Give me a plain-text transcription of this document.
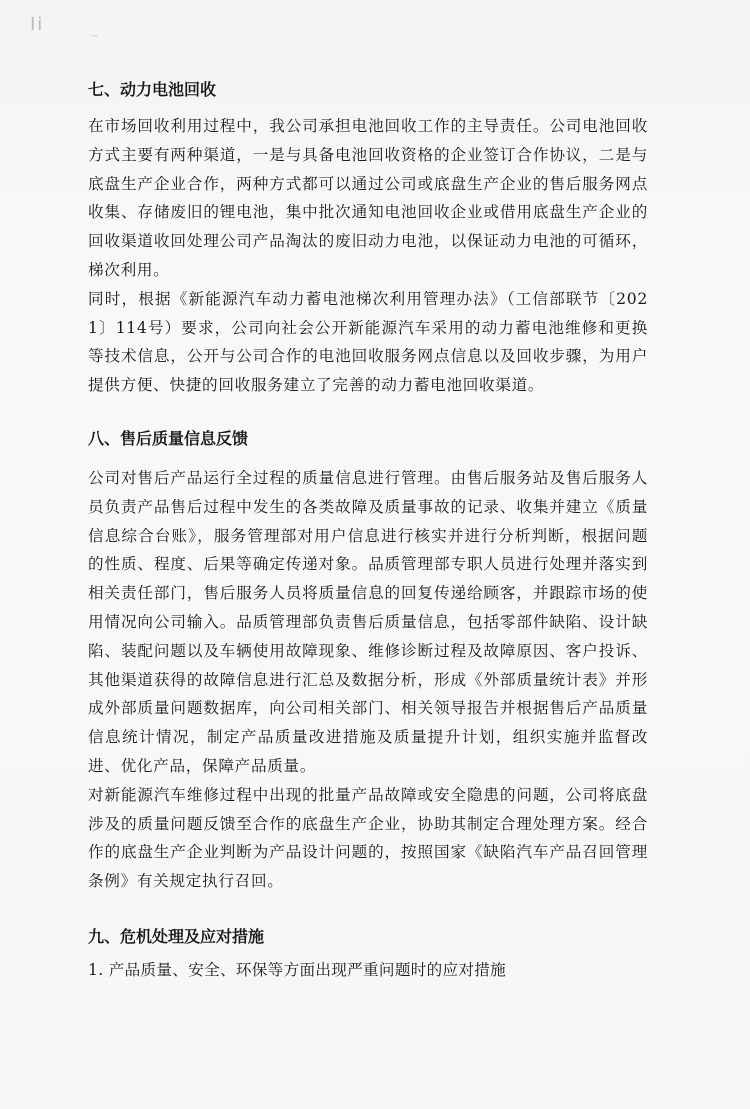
Ii
~
七、动力电池回收

在市场回收利用过程中，我公司承担电池回收工作的主导责任。公司电池回收方式主要有两种渠道，一是与具备电池回收资格的企业签订合作协议，二是与底盘生产企业合作，两种方式都可以通过公司或底盘生产企业的售后服务网点收集、存储废旧的锂电池，集中批次通知电池回收企业或借用底盘生产企业的回收渠道收回处理公司产品淘汰的废旧动力电池，以保证动力电池的可循环，梯次利用。

同时，根据《新能源汽车动力蓄电池梯次利用管理办法》（工信部联节〔2021〕114号）要求，公司向社会公开新能源汽车采用的动力蓄电池维修和更换等技术信息，公开与公司合作的电池回收服务网点信息以及回收步骤，为用户提供方便、快捷的回收服务建立了完善的动力蓄电池回收渠道。

八、售后质量信息反馈

公司对售后产品运行全过程的质量信息进行管理。由售后服务站及售后服务人员负责产品售后过程中发生的各类故障及质量事故的记录、收集并建立《质量信息综合台账》，服务管理部对用户信息进行核实并进行分析判断，根据问题的性质、程度、后果等确定传递对象。品质管理部专职人员进行处理并落实到相关责任部门，售后服务人员将质量信息的回复传递给顾客，并跟踪市场的使用情况向公司输入。品质管理部负责售后质量信息，包括零部件缺陷、设计缺陷、装配问题以及车辆使用故障现象、维修诊断过程及故障原因、客户投诉、其他渠道获得的故障信息进行汇总及数据分析，形成《外部质量统计表》并形成外部质量问题数据库，向公司相关部门、相关领导报告并根据售后产品质量信息统计情况，制定产品质量改进措施及质量提升计划，组织实施并监督改进、优化产品，保障产品质量。

对新能源汽车维修过程中出现的批量产品故障或安全隐患的问题，公司将底盘涉及的质量问题反馈至合作的底盘生产企业，协助其制定合理处理方案。经合作的底盘生产企业判断为产品设计问题的，按照国家《缺陷汽车产品召回管理条例》有关规定执行召回。

九、危机处理及应对措施

1. 产品质量、安全、环保等方面出现严重问题时的应对措施
